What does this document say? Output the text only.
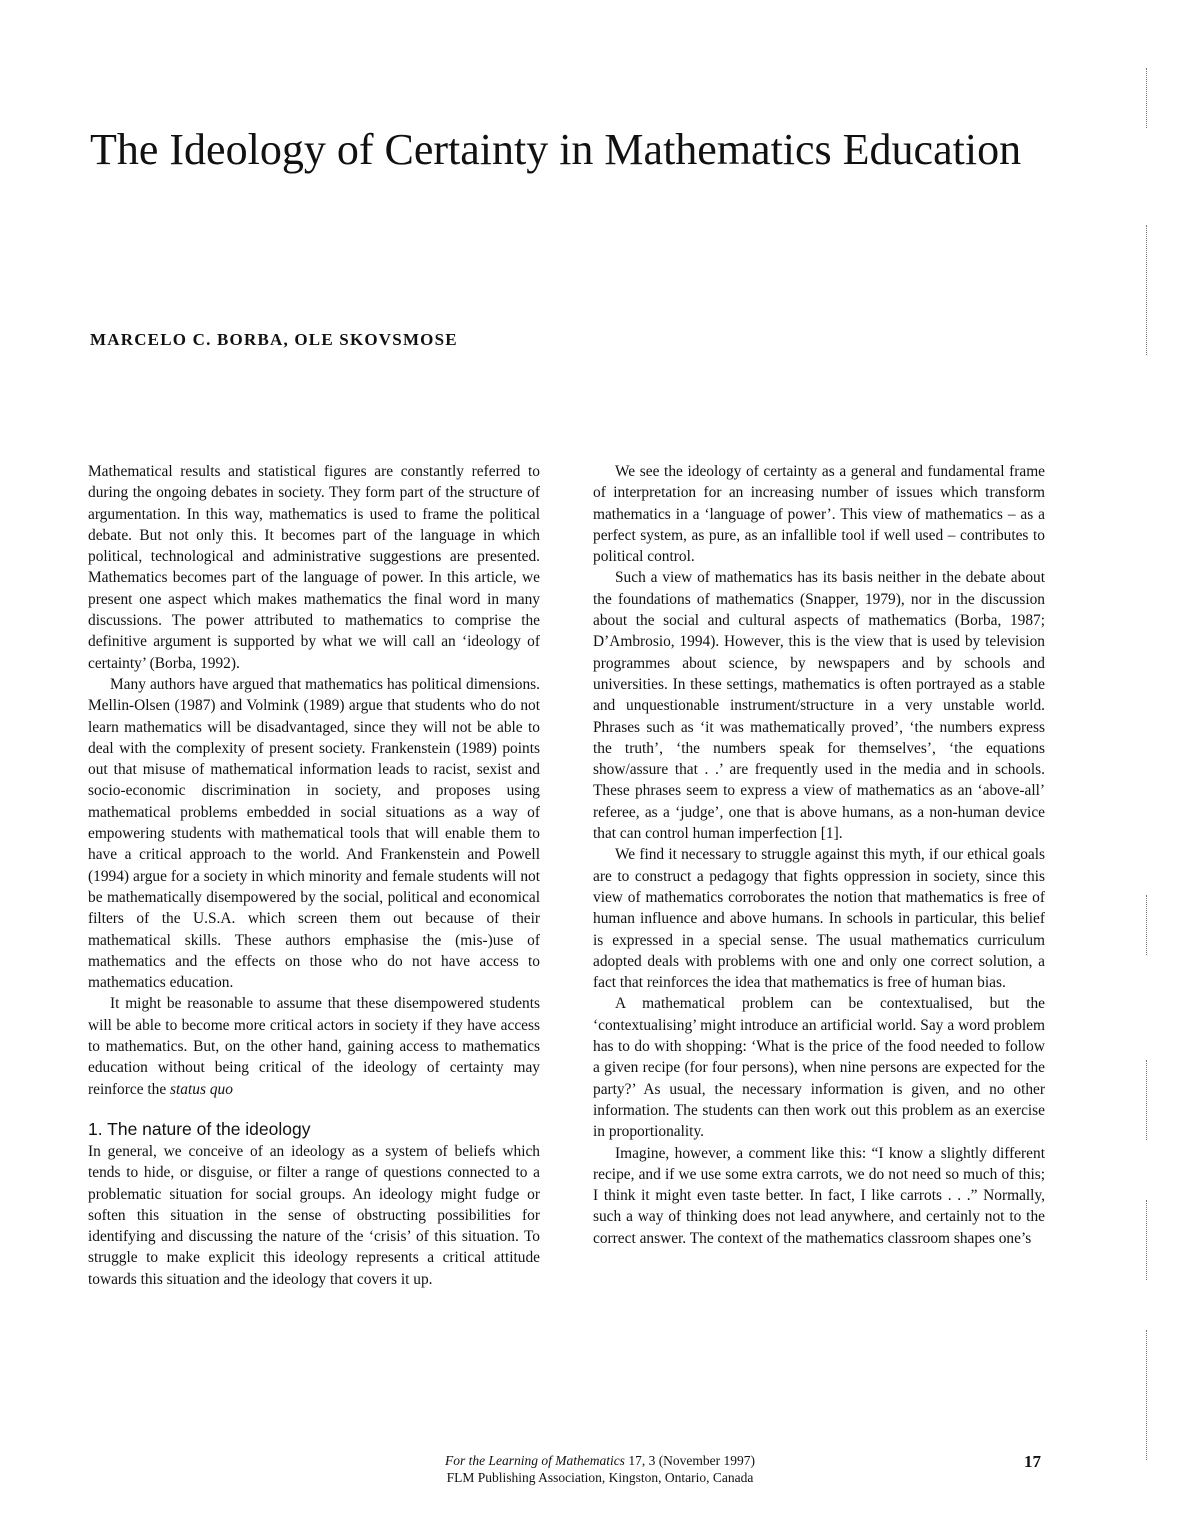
The Ideology of Certainty in Mathematics Education
MARCELO C. BORBA, OLE SKOVSMOSE

Mathematical results and statistical figures are constantly referred to during the ongoing debates in society. They form part of the structure of argumentation. In this way, mathematics is used to frame the political debate. But not only this. It becomes part of the language in which political, technological and administrative suggestions are presented. Mathematics becomes part of the language of power. In this article, we present one aspect which makes mathematics the final word in many discussions. The power attributed to mathematics to comprise the definitive argument is supported by what we will call an ‘ideology of certainty’ (Borba, 1992).

Many authors have argued that mathematics has political dimensions. Mellin-Olsen (1987) and Volmink (1989) argue that students who do not learn mathematics will be disadvantaged, since they will not be able to deal with the complexity of present society. Frankenstein (1989) points out that misuse of mathematical information leads to racist, sexist and socio-economic discrimination in society, and proposes using mathematical problems embedded in social situations as a way of empowering students with mathematical tools that will enable them to have a critical approach to the world. And Frankenstein and Powell (1994) argue for a society in which minority and female students will not be mathematically disempowered by the social, political and economical filters of the U.S.A. which screen them out because of their mathematical skills. These authors emphasise the (mis-)use of mathematics and the effects on those who do not have access to mathematics education.

It might be reasonable to assume that these disempowered students will be able to become more critical actors in society if they have access to mathematics. But, on the other hand, gaining access to mathematics education without being critical of the ideology of certainty may reinforce the status quo

1. The nature of the ideology

In general, we conceive of an ideology as a system of beliefs which tends to hide, or disguise, or filter a range of questions connected to a problematic situation for social groups. An ideology might fudge or soften this situation in the sense of obstructing possibilities for identifying and discussing the nature of the ‘crisis’ of this situation. To struggle to make explicit this ideology represents a critical attitude towards this situation and the ideology that covers it up.

We see the ideology of certainty as a general and fundamental frame of interpretation for an increasing number of issues which transform mathematics in a ‘language of power’. This view of mathematics – as a perfect system, as pure, as an infallible tool if well used – contributes to political control.

Such a view of mathematics has its basis neither in the debate about the foundations of mathematics (Snapper, 1979), nor in the discussion about the social and cultural aspects of mathematics (Borba, 1987; D’Ambrosio, 1994). However, this is the view that is used by television programmes about science, by newspapers and by schools and universities. In these settings, mathematics is often portrayed as a stable and unquestionable instrument/structure in a very unstable world. Phrases such as ‘it was mathematically proved’, ‘the numbers express the truth’, ‘the numbers speak for themselves’, ‘the equations show/assure that . .’ are frequently used in the media and in schools. These phrases seem to express a view of mathematics as an ‘above-all’ referee, as a ‘judge’, one that is above humans, as a non-human device that can control human imperfection [1].

We find it necessary to struggle against this myth, if our ethical goals are to construct a pedagogy that fights oppression in society, since this view of mathematics corroborates the notion that mathematics is free of human influence and above humans. In schools in particular, this belief is expressed in a special sense. The usual mathematics curriculum adopted deals with problems with one and only one correct solution, a fact that reinforces the idea that mathematics is free of human bias.

A mathematical problem can be contextualised, but the ‘contextualising’ might introduce an artificial world. Say a word problem has to do with shopping: ‘What is the price of the food needed to follow a given recipe (for four persons), when nine persons are expected for the party?’ As usual, the necessary information is given, and no other information. The students can then work out this problem as an exercise in proportionality.

Imagine, however, a comment like this: “I know a slightly different recipe, and if we use some extra carrots, we do not need so much of this; I think it might even taste better. In fact, I like carrots . . .” Normally, such a way of thinking does not lead anywhere, and certainly not to the correct answer. The context of the mathematics classroom shapes one’s

For the Learning of Mathematics 17, 3 (November 1997)
FLM Publishing Association, Kingston, Ontario, Canada
17
